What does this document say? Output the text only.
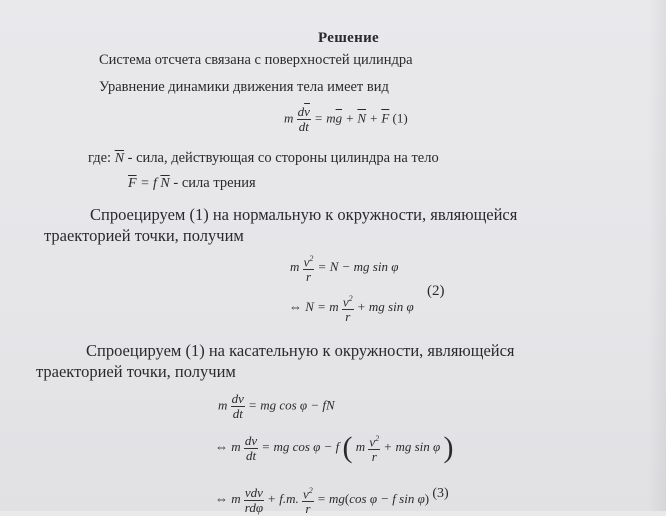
Решение
Система отсчета связана с поверхностей цилиндра
Уравнение динамики движения тела имеет вид
m $\frac{d\overline{v}}{dt} = m\overline{g} + \overline{N} + \overline{F}$ (1)
где: $\overline{N}$ - сила, действующая со стороны цилиндра на тело
$\overline{F} = f$ $\overline{N}$ - сила трения
Спроецируем (1) на нормальную к окружности, являющейся
траекторией точки, получим
m $\frac{v^2}{r} = N$ − mg sin φ
(2)
⇔ N = m $\frac{v^2}{r}$ + mg sin φ
Спроецируем (1) на касательную к окружности, являющейся
траекторией точки, получим
m $\frac{dv}{dt}$ = mg cos φ − fN
⇔ m $\frac{dv}{dt}$ = mg cos φ − f ( m $\frac{v^2}{r}$ + mg sin φ )
⇔ m $\frac{\text{vdv}}{\text{rdφ}} + f.m$. $\frac{v^2}{r} = mg(\cos$ φ − f sin φ) (3)
